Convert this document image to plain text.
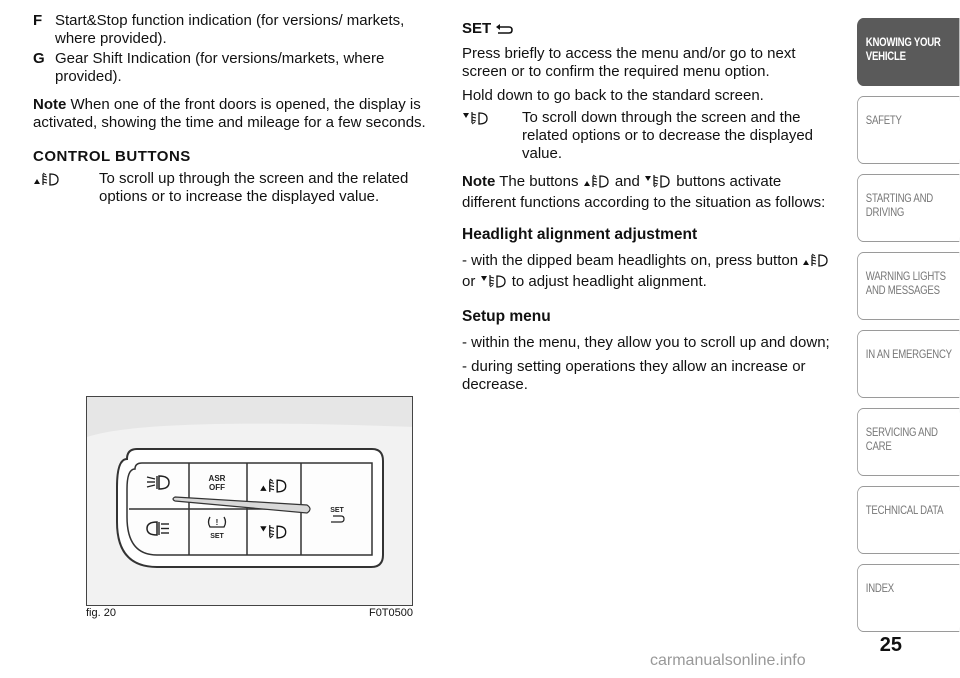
F Start&Stop function indication (for versions/ markets, where provided).
G Gear Shift Indication (for versions/markets, where provided).

Note When one of the front doors is opened, the display is activated, showing the time and mileage for a few seconds.

CONTROL BUTTONS

To scroll up through the screen and the related options or to increase the displayed value.

SET

Press briefly to access the menu and/or go to next screen or to confirm the required menu option.

Hold down to go back to the standard screen.

To scroll down through the screen and the related options or to decrease the displayed value.

Note The buttons and buttons activate different functions according to the situation as follows:

Headlight alignment adjustment

- with the dipped beam headlights on, press button  or to adjust headlight alignment.

Setup menu

- within the menu, they allow you to scroll up and down;

- during setting operations they allow an increase or decrease.

ASR
OFF
!
SET
SET
fig. 20	F0T0500
KNOWING YOUR VEHICLE
SAFETY
STARTING AND DRIVING
WARNING LIGHTS AND MESSAGES
IN AN EMERGENCY
SERVICING AND CARE
TECHNICAL DATA
INDEX
25
carmanualsonline.info
